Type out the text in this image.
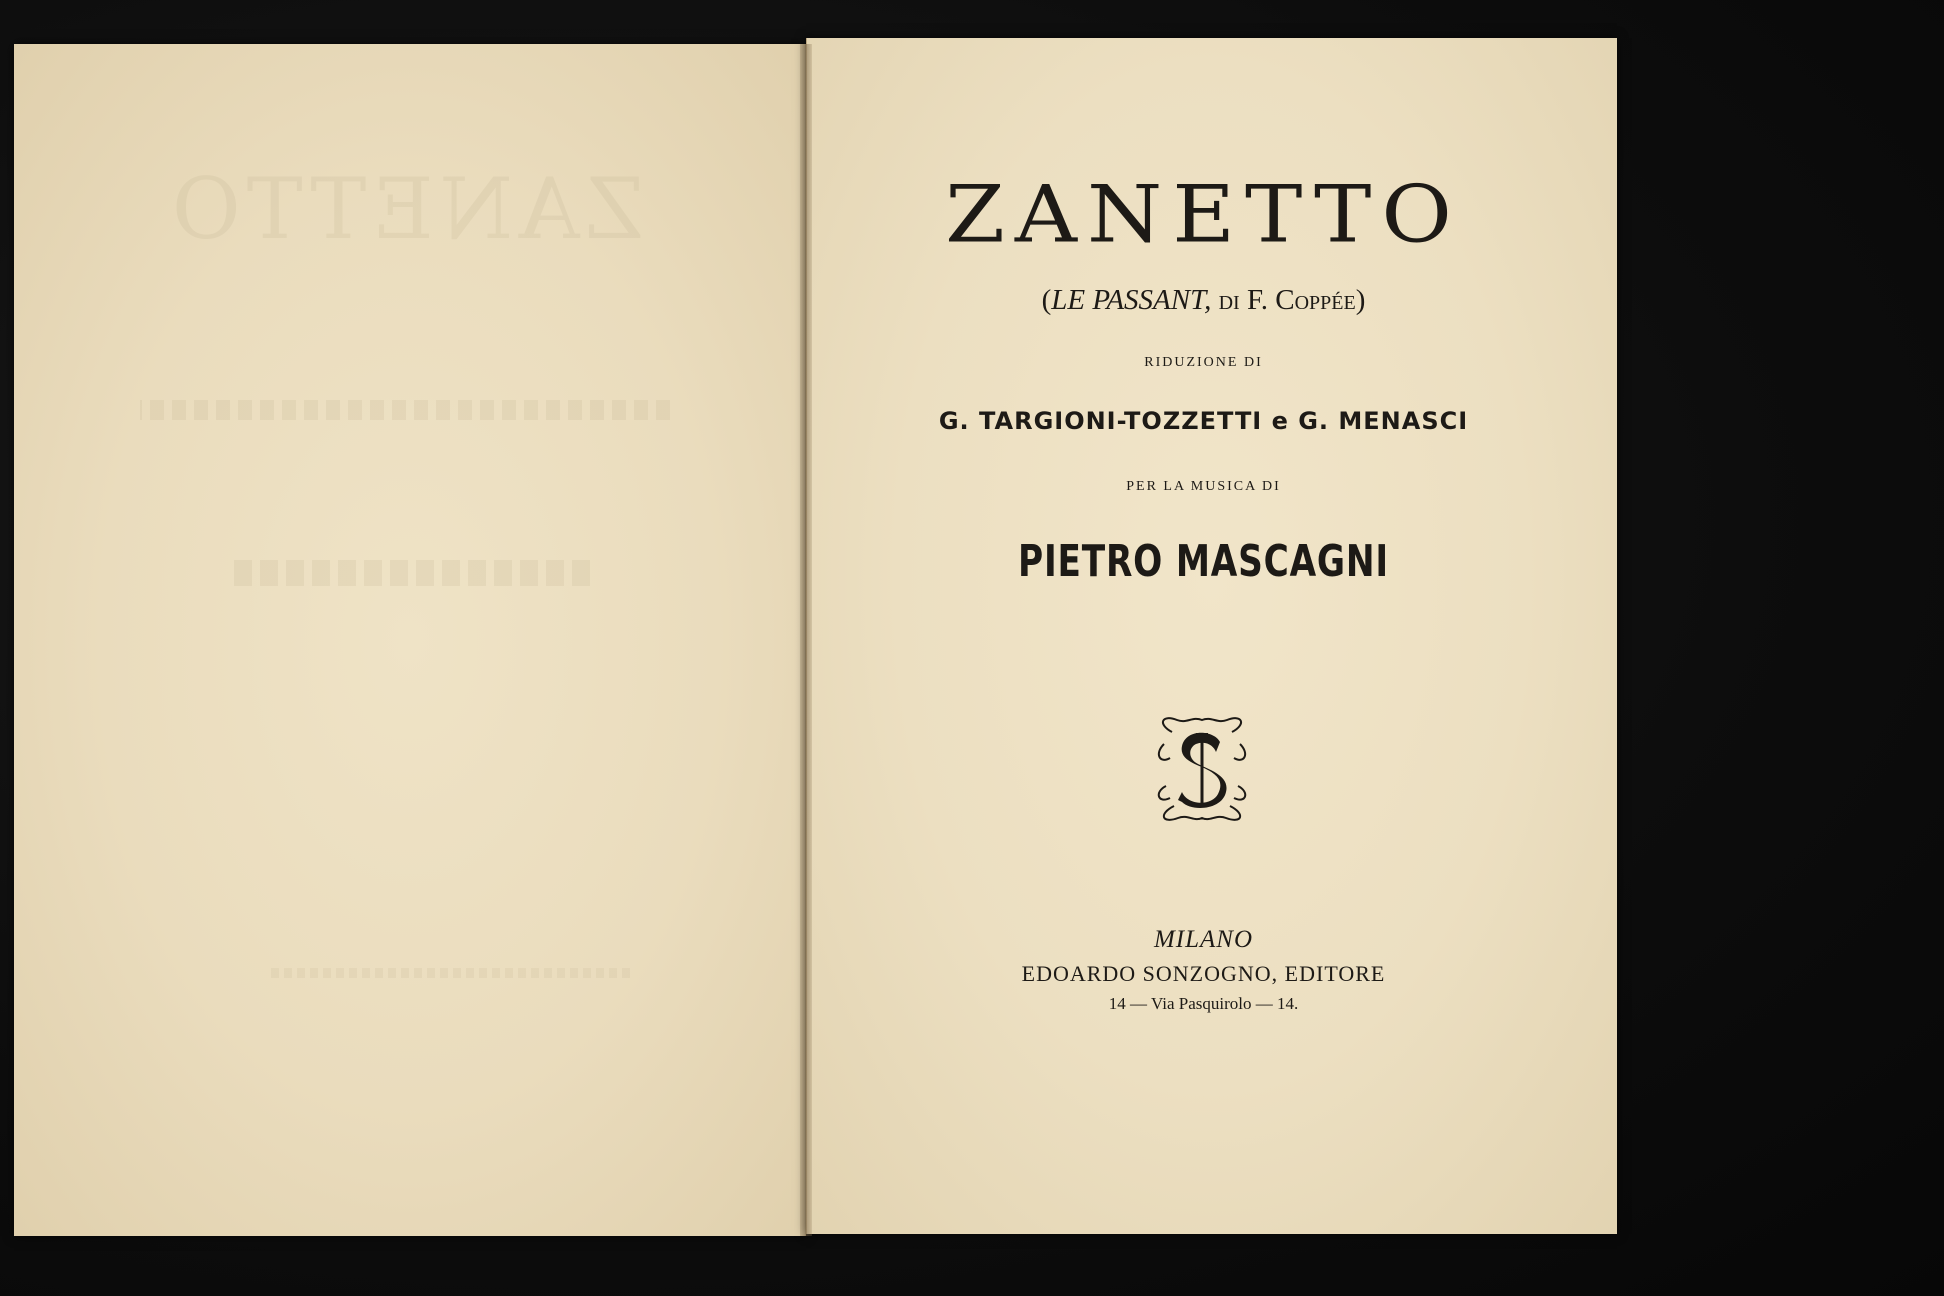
ZANETTO	ZANETTO
(LE PASSANT, di F. Coppée)
RIDUZIONE DI
G. TARGIONI-TOZZETTI e G. MENASCI
PER LA MUSICA DI
PIETRO MASCAGNI
MILANO
EDOARDO SONZOGNO, EDITORE
14 — Via Pasquirolo — 14.
